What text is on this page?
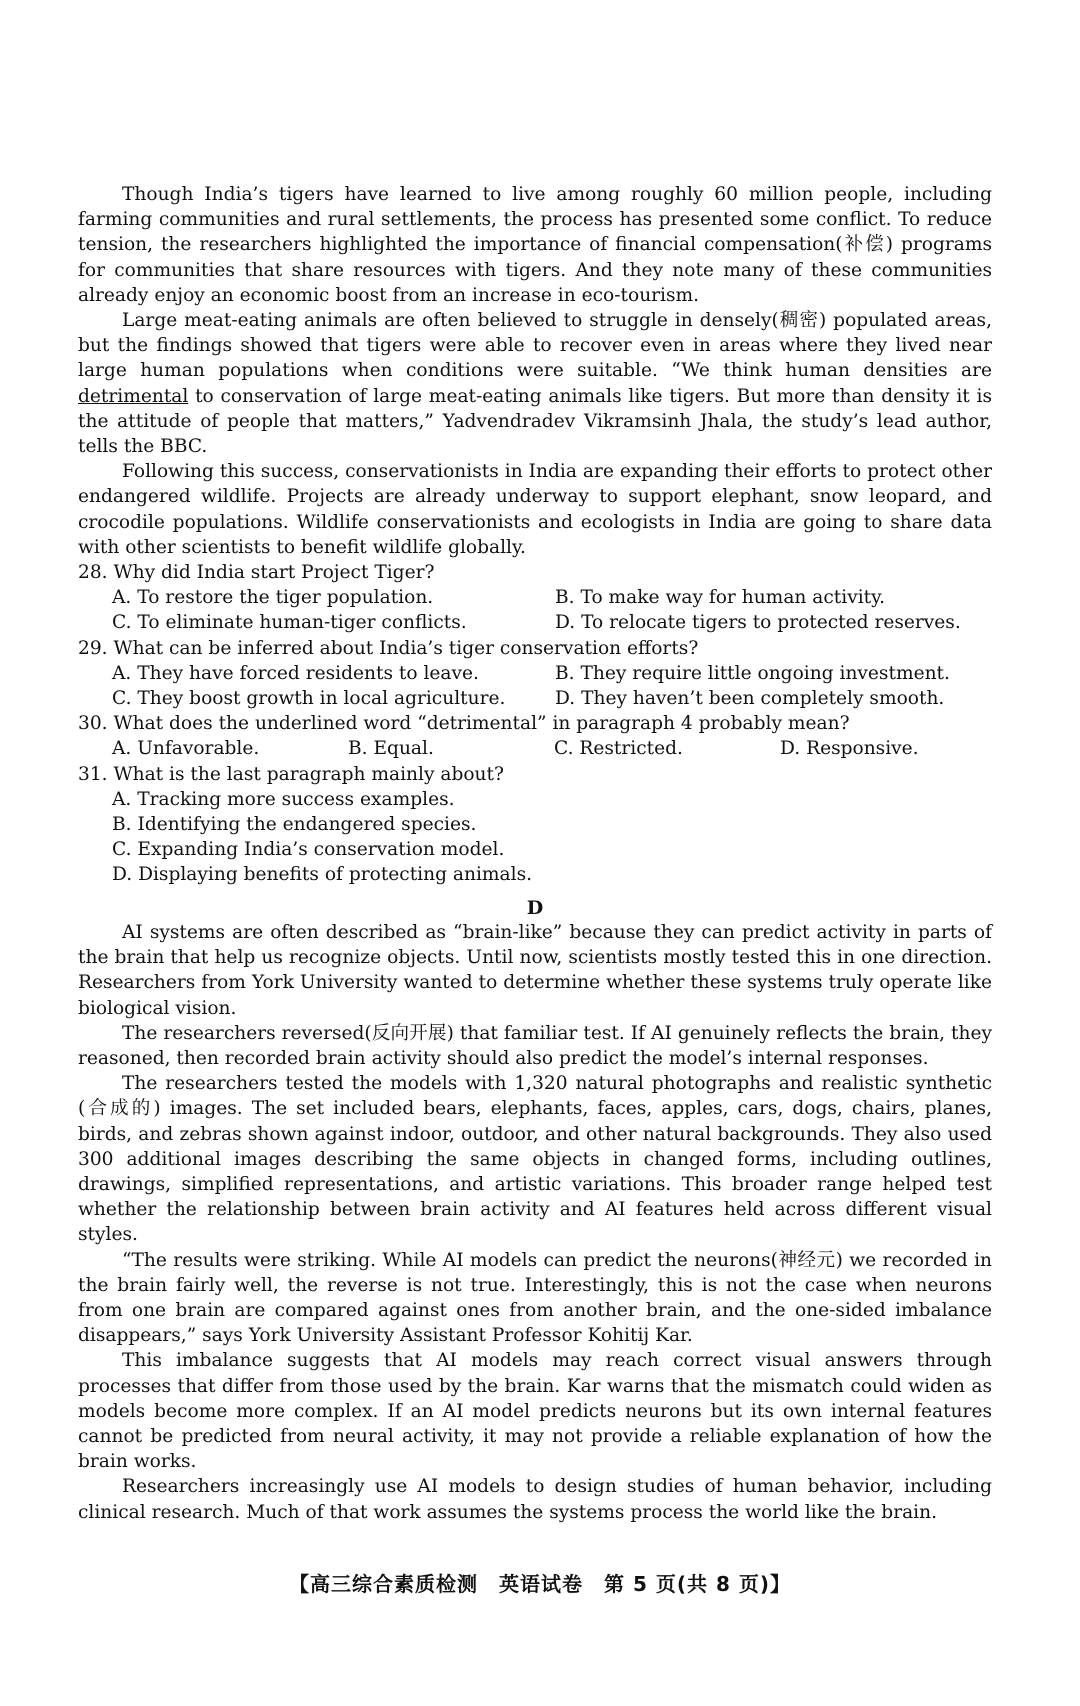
Though India’s tigers have learned to live among roughly 60 million people, including farming communities and rural settlements, the process has presented some conflict. To reduce tension, the researchers highlighted the importance of financial compensation(补偿) programs for communities that share resources with tigers. And they note many of these communities already enjoy an economic boost from an increase in eco-tourism.

Large meat-eating animals are often believed to struggle in densely(稠密) populated areas, but the findings showed that tigers were able to recover even in areas where they lived near large human populations when conditions were suitable. “We think human densities are detrimental to conservation of large meat-eating animals like tigers. But more than density it is the attitude of people that matters,” Yadvendradev Vikramsinh Jhala, the study’s lead author, tells the BBC.

Following this success, conservationists in India are expanding their efforts to protect other endangered wildlife. Projects are already underway to support elephant, snow leopard, and crocodile populations. Wildlife conservationists and ecologists in India are going to share data with other scientists to benefit wildlife globally.

28. Why did India start Project Tiger?
A. To restore the tiger population.	B. To make way for human activity.
C. To eliminate human-tiger conflicts.	D. To relocate tigers to protected reserves.
29. What can be inferred about India’s tiger conservation efforts?
A. They have forced residents to leave.	B. They require little ongoing investment.
C. They boost growth in local agriculture.	D. They haven’t been completely smooth.
30. What does the underlined word “detrimental” in paragraph 4 probably mean?
A. Unfavorable.	B. Equal.	C. Restricted.	D. Responsive.
31. What is the last paragraph mainly about?
A. Tracking more success examples.
B. Identifying the endangered species.
C. Expanding India’s conservation model.
D. Displaying benefits of protecting animals.
D

AI systems are often described as “brain-like” because they can predict activity in parts of the brain that help us recognize objects. Until now, scientists mostly tested this in one direction. Researchers from York University wanted to determine whether these systems truly operate like biological vision.

The researchers reversed(反向开展) that familiar test. If AI genuinely reflects the brain, they reasoned, then recorded brain activity should also predict the model’s internal responses.

The researchers tested the models with 1,320 natural photographs and realistic synthetic (合成的) images. The set included bears, elephants, faces, apples, cars, dogs, chairs, planes, birds, and zebras shown against indoor, outdoor, and other natural backgrounds. They also used 300 additional images describing the same objects in changed forms, including outlines, drawings, simplified representations, and artistic variations. This broader range helped test whether the relationship between brain activity and AI features held across different visual styles.

“The results were striking. While AI models can predict the neurons(神经元) we recorded in the brain fairly well, the reverse is not true. Interestingly, this is not the case when neurons from one brain are compared against ones from another brain, and the one-sided imbalance disappears,” says York University Assistant Professor Kohitij Kar.

This imbalance suggests that AI models may reach correct visual answers through processes that differ from those used by the brain. Kar warns that the mismatch could widen as models become more complex. If an AI model predicts neurons but its own internal features cannot be predicted from neural activity, it may not provide a reliable explanation of how the brain works.

Researchers increasingly use AI models to design studies of human behavior, including clinical research. Much of that work assumes the systems process the world like the brain.

【高三综合素质检测　英语试卷　第 5 页(共 8 页)】
